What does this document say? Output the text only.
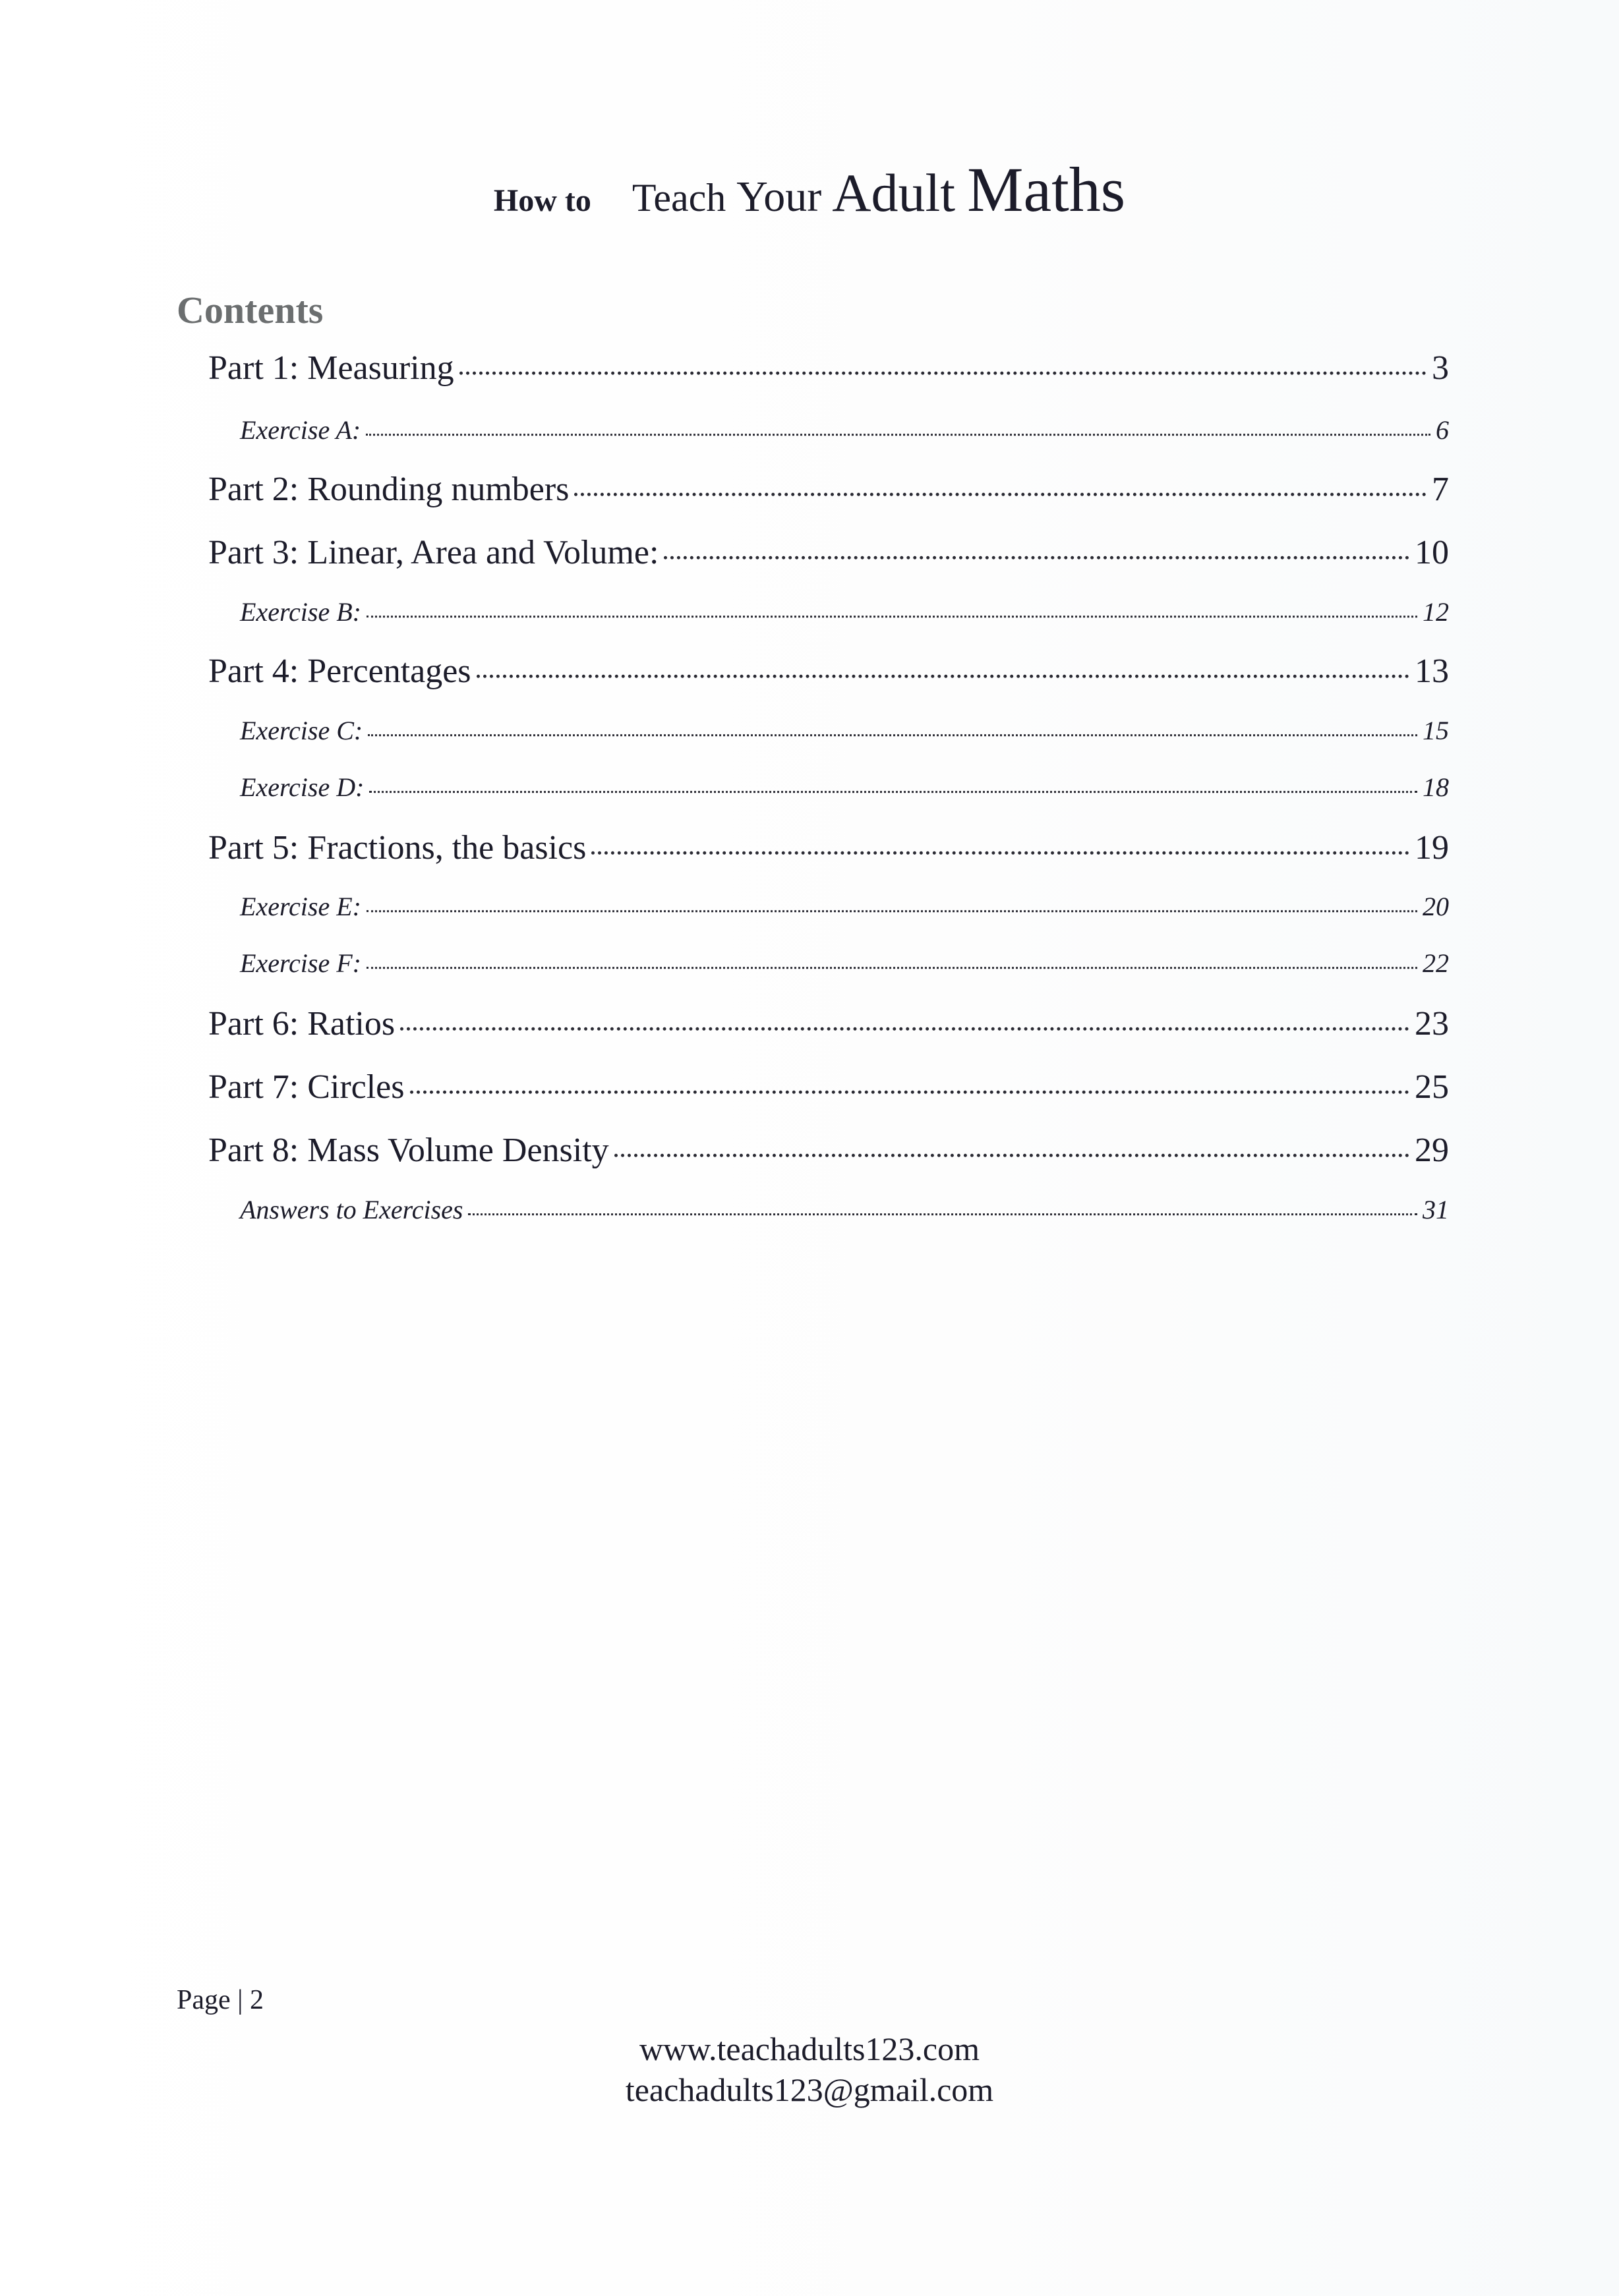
How to Teach Your Adult Maths
Contents
Part 1: Measuring	3
Exercise A:	6
Part 2: Rounding numbers	7
Part 3: Linear, Area and Volume:	10
Exercise B:	12
Part 4: Percentages	13
Exercise C:	15
Exercise D:	18
Part 5: Fractions, the basics	19
Exercise E:	20
Exercise F:	22
Part 6: Ratios	23
Part 7: Circles	25
Part 8: Mass Volume Density	29
Answers to Exercises	31
Page | 2
www.teachadults123.com
teachadults123@gmail.com
